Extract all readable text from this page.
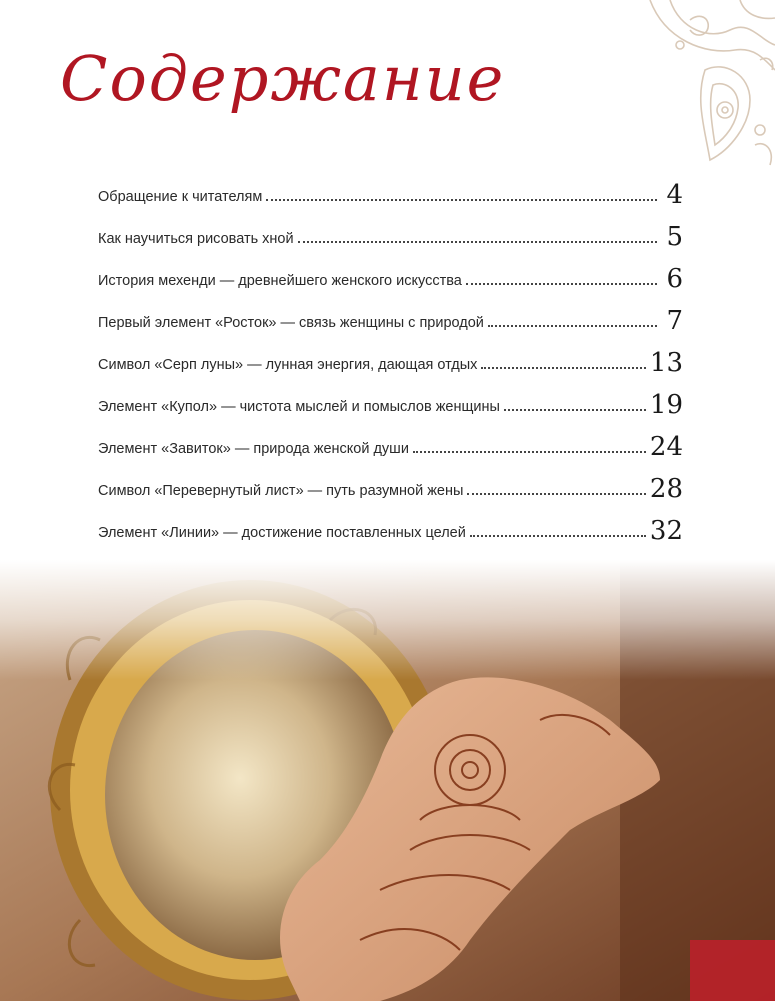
Содержание
Обращение к читателям	4
Как научиться рисовать хной	5
История мехенди — древнейшего женского искусства	6
Первый элемент «Росток» — связь женщины с природой	7
Символ «Серп луны» — лунная энергия, дающая отдых	13
Элемент «Купол» — чистота мыслей и помыслов женщины	19
Элемент «Завиток» — природа женской души	24
Символ «Перевернутый лист» — путь разумной жены	28
Элемент «Линии» — достижение поставленных целей	32
